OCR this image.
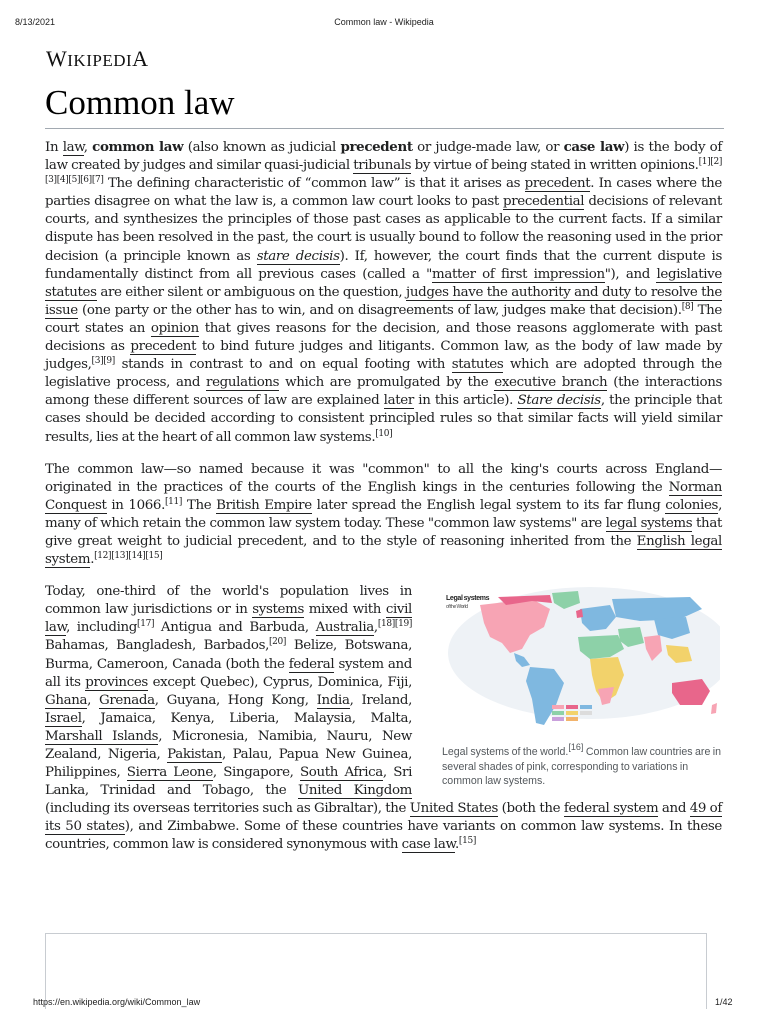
8/13/2021	Common law - Wikipedia
WIKIPEDIA
Common law

In law, common law (also known as judicial precedent or judge-made law, or case law) is the body of law created by judges and similar quasi-judicial tribunals by virtue of being stated in written opinions.[1][2][3][4][5][6][7] The defining characteristic of “common law” is that it arises as precedent. In cases where the parties disagree on what the law is, a common law court looks to past precedential decisions of relevant courts, and synthesizes the principles of those past cases as applicable to the current facts. If a similar dispute has been resolved in the past, the court is usually bound to follow the reasoning used in the prior decision (a principle known as stare decisis). If, however, the court finds that the current dispute is fundamentally distinct from all previous cases (called a "matter of first impression"), and legislative statutes are either silent or ambiguous on the question, judges have the authority and duty to resolve the issue (one party or the other has to win, and on disagreements of law, judges make that decision).[8] The court states an opinion that gives reasons for the decision, and those reasons agglomerate with past decisions as precedent to bind future judges and litigants. Common law, as the body of law made by judges,[3][9] stands in contrast to and on equal footing with statutes which are adopted through the legislative process, and regulations which are promulgated by the executive branch (the interactions among these different sources of law are explained later in this article). Stare decisis, the principle that cases should be decided according to consistent principled rules so that similar facts will yield similar results, lies at the heart of all common law systems.[10]

The common law—so named because it was "common" to all the king's courts across England—originated in the practices of the courts of the English kings in the centuries following the Norman Conquest in 1066.[11] The British Empire later spread the English legal system to its far flung colonies, many of which retain the common law system today. These "common law systems" are legal systems that give great weight to judicial precedent, and to the style of reasoning inherited from the English legal system.[12][13][14][15]

Legal systems
of the World
Legal systems of the world.[16] Common law countries are in several shades of pink, corresponding to variations in common law systems.
Today, one-third of the world's population lives in common law jurisdictions or in systems mixed with civil law, including[17] Antigua and Barbuda, Australia,[18][19] Bahamas, Bangladesh, Barbados,[20] Belize, Botswana, Burma, Cameroon, Canada (both the federal system and all its provinces except Quebec), Cyprus, Dominica, Fiji, Ghana, Grenada, Guyana, Hong Kong, India, Ireland, Israel, Jamaica, Kenya, Liberia, Malaysia, Malta, Marshall Islands, Micronesia, Namibia, Nauru, New Zealand, Nigeria, Pakistan, Palau, Papua New Guinea, Philippines, Sierra Leone, Singapore, South Africa, Sri Lanka, Trinidad and Tobago, the United Kingdom (including its overseas territories such as Gibraltar), the United States (both the federal system and 49 of its 50 states), and Zimbabwe. Some of these countries have variants on common law systems. In these countries, common law is considered synonymous with case law.[15]

https://en.wikipedia.org/wiki/Common_law	1/42
